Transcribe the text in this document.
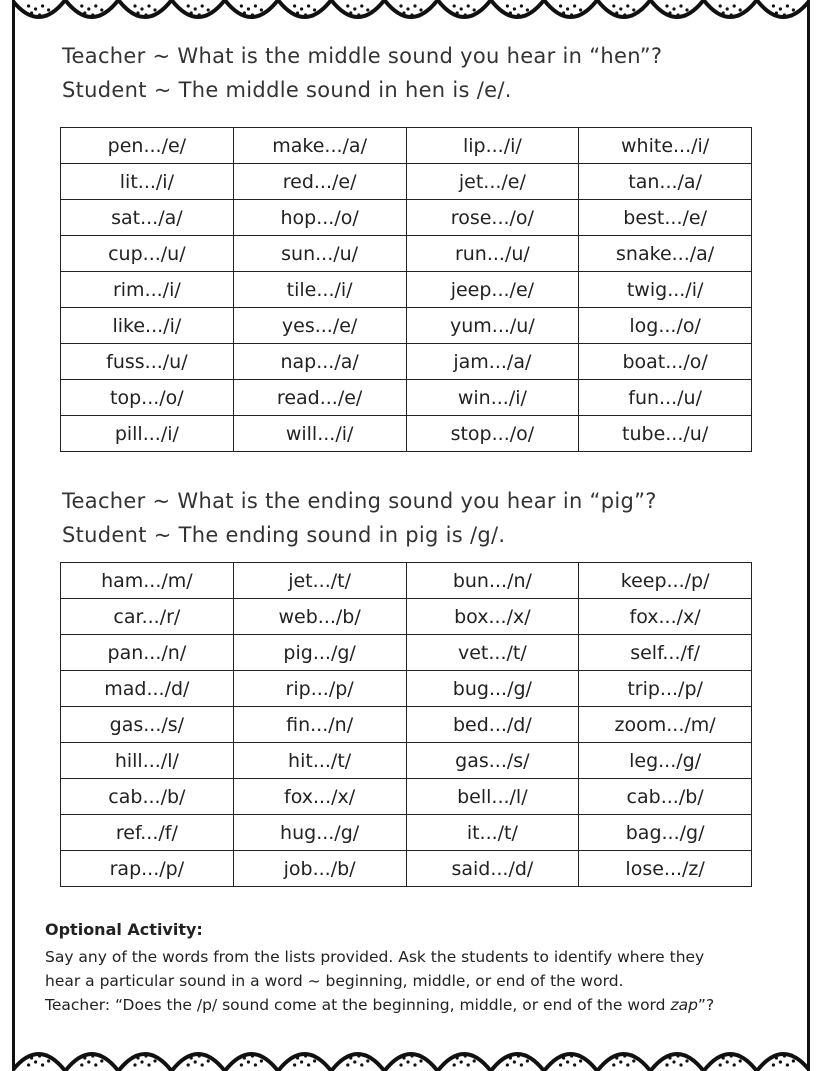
Teacher ~ What is the middle sound you hear in “hen”?
Student ~ The middle sound in hen is /e/.
pen.../e/	make.../a/	lip.../i/	white.../i/
lit.../i/	red.../e/	jet.../e/	tan.../a/
sat.../a/	hop.../o/	rose.../o/	best.../e/
cup.../u/	sun.../u/	run.../u/	snake.../a/
rim.../i/	tile.../i/	jeep.../e/	twig.../i/
like.../i/	yes.../e/	yum.../u/	log.../o/
fuss.../u/	nap.../a/	jam.../a/	boat.../o/
top.../o/	read.../e/	win.../i/	fun.../u/
pill.../i/	will.../i/	stop.../o/	tube.../u/
Teacher ~ What is the ending sound you hear in “pig”?
Student ~ The ending sound in pig is /g/.
ham.../m/	jet.../t/	bun.../n/	keep.../p/
car.../r/	web.../b/	box.../x/	fox.../x/
pan.../n/	pig.../g/	vet.../t/	self.../f/
mad.../d/	rip.../p/	bug.../g/	trip.../p/
gas.../s/	fin.../n/	bed.../d/	zoom.../m/
hill.../l/	hit.../t/	gas.../s/	leg.../g/
cab.../b/	fox.../x/	bell.../l/	cab.../b/
ref.../f/	hug.../g/	it.../t/	bag.../g/
rap.../p/	job.../b/	said.../d/	lose.../z/
Optional Activity:
Say any of the words from the lists provided. Ask the students to identify where they
hear a particular sound in a word ~ beginning, middle, or end of the word.
Teacher: “Does the /p/ sound come at the beginning, middle, or end of the word zap”?
